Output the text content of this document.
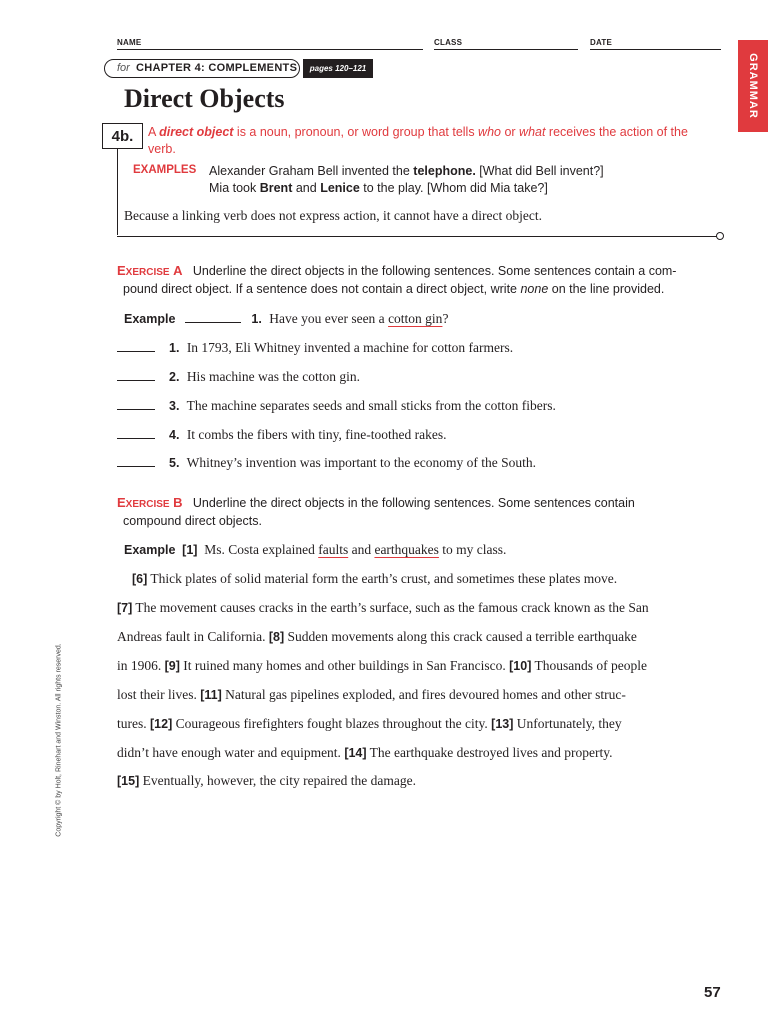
NAME	CLASS	DATE
for CHAPTER 4: COMPLEMENTS	pages 120–121	GRAMMAR
Direct Objects
4b.	A direct object is a noun, pronoun, or word group that tells who or what receives the action of the verb.
EXAMPLES Alexander Graham Bell invented the telephone. [What did Bell invent?]
Mia took Brent and Lenice to the play. [Whom did Mia take?]
Because a linking verb does not express action, it cannot have a direct object.
EXERCISE A Underline the direct objects in the following sentences. Some sentences contain a com-
pound direct object. If a sentence does not contain a direct object, write none on the line provided.
Example	1. Have you ever seen a cotton gin?
1. In 1793, Eli Whitney invented a machine for cotton farmers.
2. His machine was the cotton gin.
3. The machine separates seeds and small sticks from the cotton fibers.
4. It combs the fibers with tiny, fine-toothed rakes.
5. Whitney’s invention was important to the economy of the South.
EXERCISE B Underline the direct objects in the following sentences. Some sentences contain
compound direct objects.
Example [1] Ms. Costa explained faults and earthquakes to my class.
[6] Thick plates of solid material form the earth’s crust, and sometimes these plates move.
[7] The movement causes cracks in the earth’s surface, such as the famous crack known as the San
Andreas fault in California. [8] Sudden movements along this crack caused a terrible earthquake
in 1906. [9] It ruined many homes and other buildings in San Francisco. [10] Thousands of people
lost their lives. [11] Natural gas pipelines exploded, and fires devoured homes and other struc-
tures. [12] Courageous firefighters fought blazes throughout the city. [13] Unfortunately, they
didn’t have enough water and equipment. [14] The earthquake destroyed lives and property.
[15] Eventually, however, the city repaired the damage.
Copyright © by Holt, Rinehart and Winston. All rights reserved.
57
